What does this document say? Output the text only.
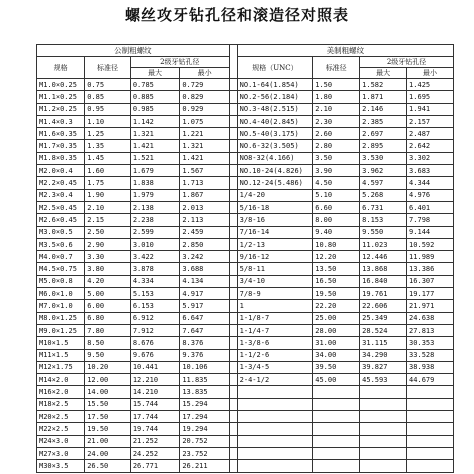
螺丝攻牙钻孔径和滚造径对照表
公制粗螺纹					美制粗螺纹			
规格	标准径	2级牙钻孔径			规格（UNC）	标准径	2级牙钻孔径	
		最大	最小				最大	最小
M1.0×0.25	0.75	0.785	0.729		NO.1-64(1.854)	1.50	1.582	1.425
M1.1×0.25	0.85	0.885	0.829		NO.2-56(2.184)	1.80	1.871	1.695
M1.2×0.25	0.95	0.985	0.929		NO.3-48(2.515)	2.10	2.146	1.941
M1.4×0.3	1.10	1.142	1.075		NO.4-40(2.845)	2.30	2.385	2.157
M1.6×0.35	1.25	1.321	1.221		NO.5-40(3.175)	2.60	2.697	2.487
M1.7×0.35	1.35	1.421	1.321		NO.6-32(3.505)	2.80	2.895	2.642
M1.8×0.35	1.45	1.521	1.421		NO8-32(4.166)	3.50	3.530	3.302
M2.0×0.4	1.60	1.679	1.567		NO.10-24(4.826)	3.90	3.962	3.683
M2.2×0.45	1.75	1.838	1.713		NO.12-24(5.486)	4.50	4.597	4.344
M2.3×0.4	1.90	1.979	1.867		1/4-20	5.10	5.268	4.976
M2.5×0.45	2.10	2.138	2.013		5/16-18	6.60	6.731	6.401
M2.6×0.45	2.15	2.238	2.113		3/8-16	8.00	8.153	7.798
M3.0×0.5	2.50	2.599	2.459		7/16-14	9.40	9.550	9.144
M3.5×0.6	2.90	3.010	2.850		1/2-13	10.80	11.023	10.592
M4.0×0.7	3.30	3.422	3.242		9/16-12	12.20	12.446	11.989
M4.5×0.75	3.80	3.878	3.688		5/8-11	13.50	13.868	13.386
M5.0×0.8	4.20	4.334	4.134		3/4-10	16.50	16.840	16.307
M6.0×1.0	5.00	5.153	4.917		7/8-9	19.50	19.761	19.177
M7.0×1.0	6.00	6.153	5.917		1	22.20	22.606	21.971
M8.0×1.25	6.80	6.912	6.647		1-1/8-7	25.00	25.349	24.638
M9.0×1.25	7.80	7.912	7.647		1-1/4-7	28.00	28.524	27.813
M10×1.5	8.50	8.676	8.376		1-3/8-6	31.00	31.115	30.353
M11×1.5	9.50	9.676	9.376		1-1/2-6	34.00	34.290	33.528
M12×1.75	10.20	10.441	10.106		1-3/4-5	39.50	39.827	38.938
M14×2.0	12.00	12.210	11.835		2-4-1/2	45.00	45.593	44.679
M16×2.0	14.00	14.210	13.835					
M18×2.5	15.50	15.744	15.294					
M20×2.5	17.50	17.744	17.294					
M22×2.5	19.50	19.744	19.294					
M24×3.0	21.00	21.252	20.752					
M27×3.0	24.00	24.252	23.752					
M30×3.5	26.50	26.771	26.211					
